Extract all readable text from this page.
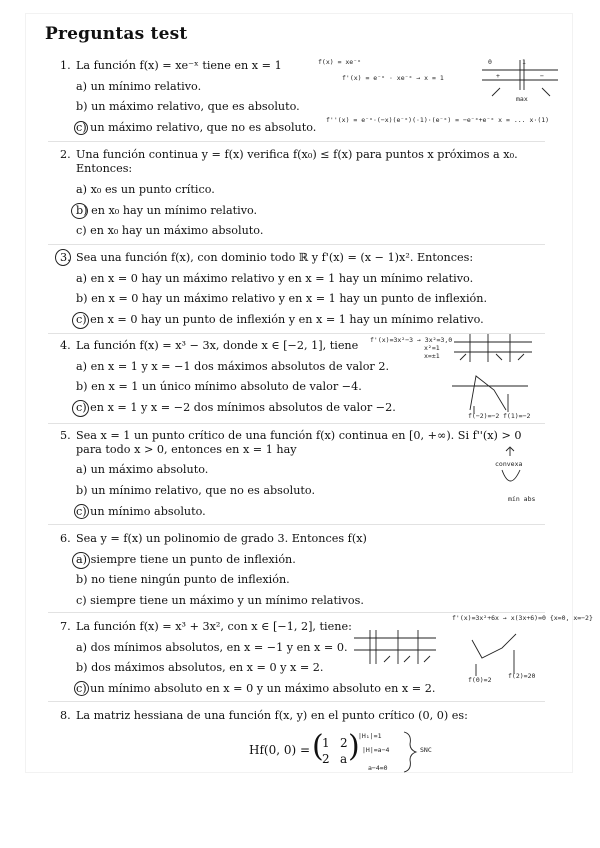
Preguntas test
1. La función f(x) = xe⁻ˣ tiene en x = 1
a) un mínimo relativo.
b) un máximo relativo, que es absoluto.
c) un máximo relativo, que no es absoluto.
f(x) = xe⁻ˣ
f'(x) = e⁻ˣ · xe⁻ˣ → x = 1
f''(x) = e⁻ˣ·(−x)(e⁻ˣ)(·1)·(e⁻ˣ) = −e⁻ˣ+e⁻ˣ x = ... x·(1)
0	1
+	−
max
2. Una función continua y = f(x) verifica f(x₀) ≤ f(x) para puntos x próximos a x₀.
Entonces:
a) x₀ es un punto crítico.
b) en x₀ hay un mínimo relativo.
c) en x₀ hay un máximo absoluto.
3. Sea una función f(x), con dominio todo ℝ y f'(x) = (x − 1)x². Entonces:
a) en x = 0 hay un máximo relativo y en x = 1 hay un mínimo relativo.
b) en x = 0 hay un máximo relativo y en x = 1 hay un punto de inflexión.
c) en x = 0 hay un punto de inflexión y en x = 1 hay un mínimo relativo.
4. La función f(x) = x³ − 3x, donde x ∈ [−2, 1], tiene
a) en x = 1 y x = −1 dos máximos absolutos de valor 2.
b) en x = 1 un único mínimo absoluto de valor −4.
c) en x = 1 y x = −2 dos mínimos absolutos de valor −2.
f'(x)=3x²−3 → 3x²=3,0
x²=1
x=±1
f(−2)=−2 f(1)=−2
5. Sea x = 1 un punto crítico de una función f(x) continua en [0, +∞). Si f''(x) > 0
para todo x > 0, entonces en x = 1 hay
a) un máximo absoluto.
b) un mínimo relativo, que no es absoluto.
c) un mínimo absoluto.
convexa
mín abs
6. Sea y = f(x) un polinomio de grado 3. Entonces f(x)
a) siempre tiene un punto de inflexión.
b) no tiene ningún punto de inflexión.
c) siempre tiene un máximo y un mínimo relativos.
7. La función f(x) = x³ + 3x², con x ∈ [−1, 2], tiene:
a) dos mínimos absolutos, en x = −1 y en x = 0.
b) dos máximos absolutos, en x = 0 y x = 2.
c) un mínimo absoluto en x = 0 y un máximo absoluto en x = 2.
f'(x)=3x²+6x → x(3x+6)=0 {x=0, x=−2}
f(0)=2	f(2)=20
8. La matriz hessiana de una función f(x, y) en el punto crítico (0, 0) es:
Hf(0, 0) = (
1 2
2 a )
|H₁|=1
|H|=a−4
a−4=0
SNC
